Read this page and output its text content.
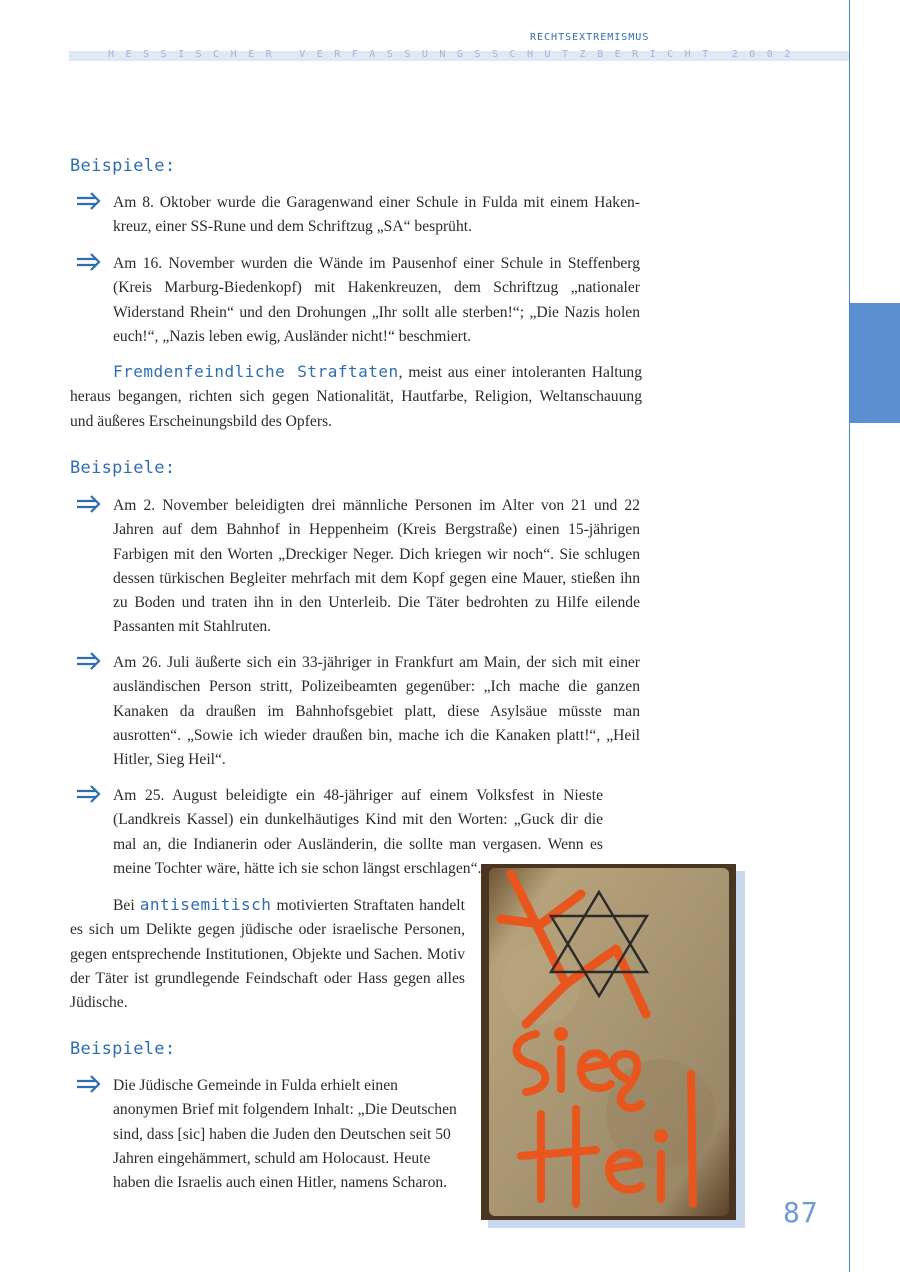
RECHTSEXTREMISMUS
HESSISCHER VERFASSUNGSSCHUTZBERICHT 2002
Beispiele:

Am 8. Oktober wurde die Garagenwand einer Schule in Fulda mit einem Haken-kreuz, einer SS-Rune und dem Schriftzug „SA“ besprüht.

Am 16. November wurden die Wände im Pausenhof einer Schule in Steffenberg (Kreis Marburg-Biedenkopf) mit Hakenkreuzen, dem Schriftzug „nationaler Widerstand Rhein“ und den Drohungen „Ihr sollt alle sterben!“; „Die Nazis holen euch!“, „Nazis leben ewig, Ausländer nicht!“ beschmiert.

Fremdenfeindliche Straftaten, meist aus einer intoleranten Haltung heraus begangen, richten sich gegen Nationalität, Hautfarbe, Religion, Weltanschauung und äußeres Erscheinungsbild des Opfers.

Beispiele:

Am 2. November beleidigten drei männliche Personen im Alter von 21 und 22 Jahren auf dem Bahnhof in Heppenheim (Kreis Bergstraße) einen 15-jährigen Farbigen mit den Worten „Dreckiger Neger. Dich kriegen wir noch“. Sie schlugen dessen türkischen Begleiter mehrfach mit dem Kopf gegen eine Mauer, stießen ihn zu Boden und traten ihn in den Unterleib. Die Täter bedrohten zu Hilfe eilende Passanten mit Stahlruten.

Am 26. Juli äußerte sich ein 33-jähriger in Frankfurt am Main, der sich mit einer ausländischen Person stritt, Polizeibeamten gegenüber: „Ich mache die ganzen Kanaken da draußen im Bahnhofsgebiet platt, diese Asylsäue müsste man ausrotten“. „Sowie ich wieder draußen bin, mache ich die Kanaken platt!“, „Heil Hitler, Sieg Heil“.

Am 25. August beleidigte ein 48-jähriger auf einem Volksfest in Nieste (Landkreis Kassel) ein dunkelhäutiges Kind mit den Worten: „Guck dir die mal an, die Indianerin oder Ausländerin, die sollte man vergasen. Wenn es meine Tochter wäre, hätte ich sie schon längst erschlagen“.

Bei antisemitisch motivierten Straftaten handelt es sich um Delikte gegen jüdische oder israelische Personen, gegen entsprechende Institutionen, Objekte und Sachen. Motiv der Täter ist grundlegende Feindschaft oder Hass gegen alles Jüdische.

Beispiele:

Die Jüdische Gemeinde in Fulda erhielt einen anonymen Brief mit folgendem Inhalt: „Die Deutschen sind, dass [sic] haben die Juden den Deutschen seit 50 Jahren eingehämmert, schuld am Holocaust. Heute haben die Israelis auch einen Hitler, namens Scharon.

87
